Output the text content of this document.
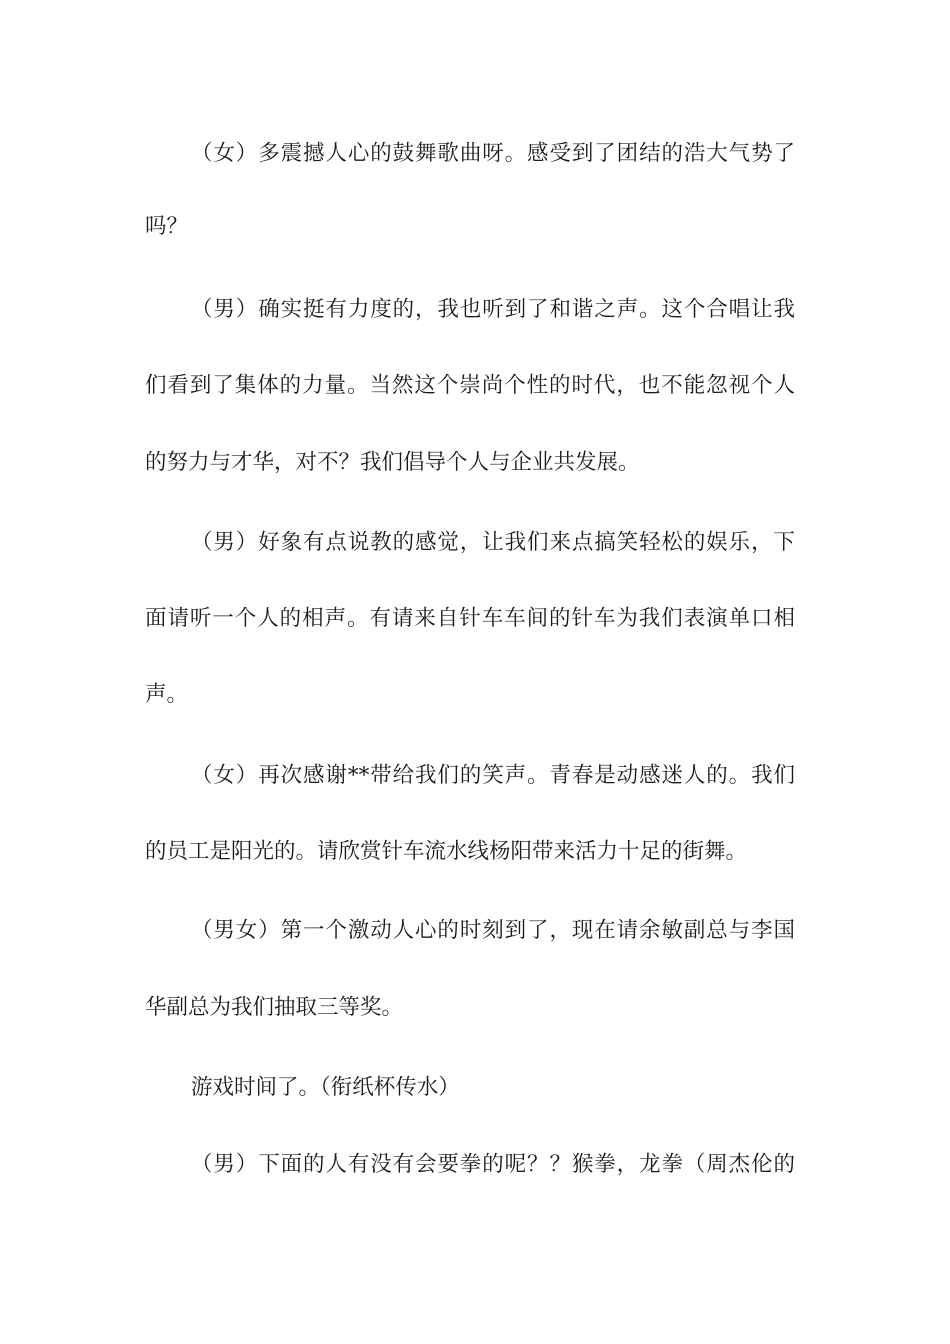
（女）多震撼人心的鼓舞歌曲呀。感受到了团结的浩大气势了

吗？

（男）确实挺有力度的，我也听到了和谐之声。这个合唱让我

们看到了集体的力量。当然这个崇尚个性的时代，也不能忽视个人

的努力与才华，对不？我们倡导个人与企业共发展。

（男）好象有点说教的感觉，让我们来点搞笑轻松的娱乐，下

面请听一个人的相声。有请来自针车车间的针车为我们表演单口相

声。

（女）再次感谢**带给我们的笑声。青春是动感迷人的。我们

的员工是阳光的。请欣赏针车流水线杨阳带来活力十足的街舞。

（男女）第一个激动人心的时刻到了，现在请余敏副总与李国

华副总为我们抽取三等奖。

游戏时间了。（衔纸杯传水）

（男）下面的人有没有会要拳的呢？？猴拳，龙拳（周杰伦的
